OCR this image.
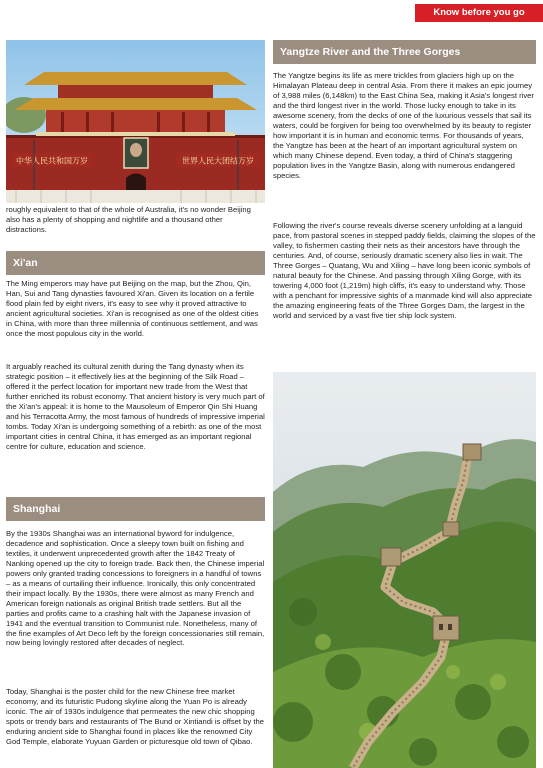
Know before you go
中华人民共和国万岁	世界人民大团结万岁

roughly equivalent to that of the whole of Australia, it's no wonder Beijing also has a plenty of shopping and nightlife and a thousand other distractions.

Xi'an

The Ming emperors may have put Beijing on the map, but the Zhou, Qin, Han, Sui and Tang dynasties favoured Xi'an. Given its location on a fertile flood plain fed by eight rivers, it's easy to see why it proved attractive to ancient agricultural societies. Xi'an is recognised as one of the oldest cities in China, with more than three millennia of continuous settlement, and was once the most populous city in the world.

It arguably reached its cultural zenith during the Tang dynasty when its strategic position – it effectively lies at the beginning of the Silk Road – offered it the perfect location for important new trade from the West that further enriched its robust economy. That ancient history is very much part of the Xi'an's appeal: it is home to the Mausoleum of Emperor Qin Shi Huang and his Terracotta Army, the most famous of hundreds of impressive imperial tombs. Today Xi'an is undergoing something of a rebirth: as one of the most important cities in central China, it has emerged as an important regional centre for culture, education and science.

Shanghai

By the 1930s Shanghai was an international byword for indulgence, decadence and sophistication. Once a sleepy town built on fishing and textiles, it underwent unprecedented growth after the 1842 Treaty of Nanking opened up the city to foreign trade. Back then, the Chinese imperial powers only granted trading concessions to foreigners in a handful of towns – as a means of curtailing their influence. Ironically, this only concentrated their impact locally. By the 1930s, there were almost as many French and American foreign nationals as original British trade settlers. But all the parties and profits came to a crashing halt with the Japanese invasion of 1941 and the eventual transition to Communist rule. Nonetheless, many of the fine examples of Art Deco left by the foreign concessionaries still remain, now being lovingly restored after decades of neglect.

Today, Shanghai is the poster child for the new Chinese free market economy, and its futuristic Pudong skyline along the Yuan Po is already iconic. The air of 1930s indulgence that permeates the new chic shopping spots or trendy bars and restaurants of The Bund or Xintiandi is offset by the enduring ancient side to Shanghai found in places like the renowned City God Temple, elaborate Yuyuan Garden or picturesque old town of Qibao.

Yangtze River and the Three Gorges

The Yangtze begins its life as mere trickles from glaciers high up on the Himalayan Plateau deep in central Asia. From there it makes an epic journey of 3,988 miles (6,148km) to the East China Sea, making it Asia's longest river and the third longest river in the world. Those lucky enough to take in its awesome scenery, from the decks of one of the luxurious vessels that sail its waters, could be forgiven for being too overwhelmed by its beauty to register how important it is in human and economic terms. For thousands of years, the Yangtze has been at the heart of an important agricultural system on which many Chinese depend. Even today, a third of China's staggering population lives in the Yangtze Basin, along with numerous endangered species.

Following the river's course reveals diverse scenery unfolding at a languid pace, from pastoral scenes in stepped paddy fields, claiming the slopes of the valley, to fishermen casting their nets as their ancestors have through the centuries. And, of course, seriously dramatic scenery also lies in wait. The Three Gorges – Quatang, Wu and Xiling – have long been iconic symbols of natural beauty for the Chinese. And passing through Xiling Gorge, with its towering 4,000 foot (1,219m) high cliffs, it's easy to understand why. Those with a penchant for impressive sights of a manmade kind will also appreciate the amazing engineering feats of the Three Gorges Dam, the largest in the world and serviced by a vast five tier ship lock system.
